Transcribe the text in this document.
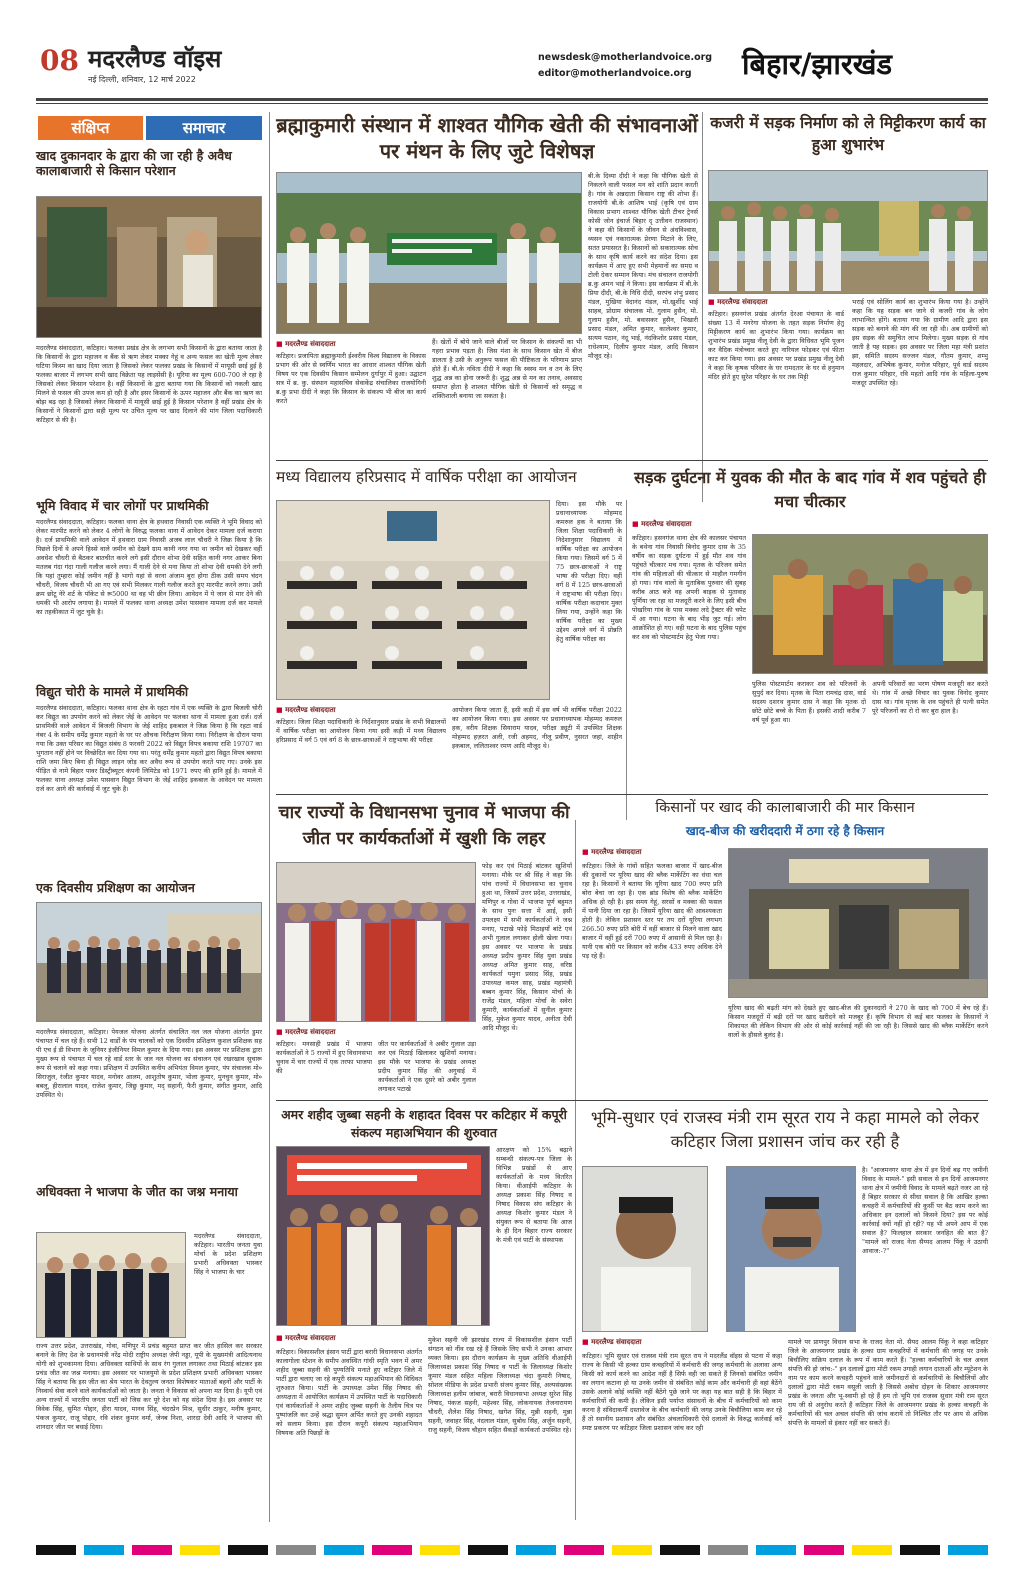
08 मदरलैण्ड वॉइस
नई दिल्ली, शनिवार, 12 मार्च 2022
newsdesk@motherlandvoice.org
editor@motherlandvoice.org बिहार/झारखंड
संक्षिप्त	समाचार
खाद दुकानदार के द्वारा की जा रही है अवैध कालाबाजारी से किसान परेशान
मदरलैण्ड संवाददाता, कटिहार। फलका प्रखंड क्षेत्र के लगभग सभी किसानों के द्वारा बताया जाता है कि किसानों के द्वारा महाजन व बैंक से ऋण लेकर मक्का गेहूं व अन्य फसल का खेती मूल्य लेकर घटिया किस्म का खाद दिया जाता है जिसको लेकर फलका प्रखंड के किसानों में मायूसी छाई हुई है फलका बाजार में लगभग सभी खाद विक्रेता यह लाइसेंसी है। यूरिया का मूल्य 600-700 ले रहा है जिसको लेकर किसान परेशान है। वहीं किसानों के द्वारा बताया गया कि किसानों को नकली खाद मिलने से फसल की उपज कम हो रही है और इसर किसानों के ऊपर महाजन और बैंक का ऋण का बोझ बढ़ रहा है जिसको लेकर किसानों में मायूसी छाई हुई है किसान परेशान है वहीं प्रखंड क्षेत्र के किसानों ने किसानों द्वारा सही मूल्य पर उचित मूल्य पर खाद दिलाने की मांग जिला पदाधिकारी कटिहार से की है।
भूमि विवाद में चार लोगों पर प्राथमिकी
मदरलैण्ड संवाददाता, कटिहार। फलका थाना क्षेत्र के हथवारा निवासी एक व्यक्ति ने भूमि विवाद को लेकर मारपीट करने को लेकर 4 लोगों के विरुद्ध फलका थाना में आवेदन देकर मामला दर्ज कराया है। दर्ज प्राथमिकी वाले आवेदन में हथवारा ग्राम निवासी अजब लाल चौधरी ने जिक्र किया है कि पिछले दिनों वे अपने हिस्से वाले जमीन को देखने ग्राम कानी नगर गया था जमीन को देखकर वहीं अवधेश चौधरी से बैठकर बातचीत करने लगे इसी दौरान शोभा देवी सहित कानी नगर आकर बिना मतलब गंदा गंदा गाली गलौज करने लगा। मैं गाली देने से मना किया तो शोभा देवी धमकी देने लगी कि यहां तुम्हारा कोई जमीन नहीं है भागो यहां से वरना अंजाम बुरा होगा ठीक उसी समय चंदन चौधरी, विजय चौधरी भी आ गए एवं सभी मिलकर गाली गलौज करते हुए मारपीट करने लगा। उसी क्रम छोटू नेरे शर्ट के पॉकेट से रू5000 था वह भी छीन लिया। आवेदन में ये जान से मार देने की धमकी भी आरोप लगाया है। मामले में फलका थाना अध्यक्ष उमेश पासवान मामला दर्ज कर मामले का तहकीकात में जुट चुके है।
विद्युत चोरी के मामले में प्राथमिकी
मदरलैण्ड संवाददाता, कटिहार। फलका थाना क्षेत्र के रहटा गांव में एक व्यक्ति के द्वारा बिजली चोरी कर विद्युत का उपयोग करने को लेकर जेई के आवेदन पर फलका थाना में मामला हुआ दर्ज। दर्ज प्राथमिकी वाले आवेदन में बिजली विभाग के जेई शाहिद इकबाल ने जिक्र किया है कि रहटा वार्ड नंबर 4 के समीप धर्मेंद्र कुमार महतो के घर पर औचक निरीक्षण किया गया। निरीक्षण के दौरान पाया गया कि उक्त परिसर का विद्युत संबंध 8 फरवरी 2022 को विद्युत विपत्र बकाया राशि 19707 का भुगतान नहीं होने पर विच्छेदित कर दिया गया था। परंतु धर्मेंद्र कुमार महतो द्वारा विद्युत विपत्र बकाया राशि जमा किए बिना ही विद्युत लाइन जोड़ कर अवैध रूप से उपयोग करते पाए गए। उनके इस पीड़ित से नामे बिहार पावर डिस्ट्रीब्यूटर कंपनी लिमिटेड को 1971 रुपए की हानि हुई है। मामले में फलका थाना अध्यक्ष उमेश पासवान विद्युत विभाग के जेई शाहिद इकबाल के आवेदन पर मामला दर्ज कर आगे की कार्रवाई में जुट चुके है।
एक दिवसीय प्रशिक्षण का आयोजन
मदरलैण्ड संवाददाता, कटिहार। पेयजल योजना अंतर्गत संचालित नल जल योजना अंतर्गत डुमर पंचायत में चल रहे हैं। सभी 12 वार्डों के पंप चालकों को एक दिवसीय प्रशिक्षण कुशल प्रशिक्षक सह पी एच ई डी विभाग के जूनियर इंजीनियर विमल कुमार के दिया गया। इस अवसर पर प्रशिक्षक द्वारा मुख्य रूप से पंचायत में चल रहे वार्ड स्तर के जल नल योजना का संचालन एवं रखरखाव सुचारू रूप से चलाने को कहा गया। प्रशिक्षण में उपस्थित कनीय अभियंता विमल कुमार, पंप संचालक मो० सिराजुल, रंजीत कुमार यादव, मनोवर आलम, आशुतोष कुमार, भोला कुमार, मुनचुन कुमार, मो० बबलू, हीरालाल यादव, राजेश कुमार, जिछु कुमार, मद् सहानी, फैरी कुमार, संगीत कुमार, आदि उपस्थित थे।
अधिवक्ता ने भाजपा के जीत का जश्न मनाया
मदरलैण्ड संवाददाता, कटिहार। भारतीय जनता युवा मोर्चा के प्रदेश प्रशिक्षण प्रभारी अधिवक्ता भास्कर सिंह ने भाजपा के चार
राज्य उत्तर प्रदेश, उत्तराखंड, गोवा, मणिपुर में प्रचंड बहुमत प्राप्त कर जीत हासिल कर सरकार बनाने के लिए देश के प्रधानमंत्री नरेंद्र मोदी राष्ट्रीय अध्यक्ष जेपी नड्डा, यूपी के मुख्यमंत्री आदित्यनाथ योगी को शुभकामना दिया। अधिवक्ता साथियों के साथ रंग गुलाल लगाकर तथा मिठाई बांटकर इस प्रचंड जीत का जश्न मनाया। इस अवसर पर भाजयुमो के प्रदेश प्रशिक्षण प्रभारी अधिवक्ता भास्कर सिंह ने बताया कि इस जीत का श्रेय भारत के देवतुल्य जनता विशेषकर माताओं बहनों और पार्टी के निस्वार्थ सेवा करने वाले कार्यकर्ताओं को जाता है। जनता ने विकास को अपना मत दिया है। यूपी एवं अन्य राज्यों में भारतीय जनता पार्टी को जिस कर पूरे देश को यह संदेश दिया है। इस अवसर पर विवेक सिंह, सुमित पोद्दार, हीरा यादव, मानव सिंह, चंदरप्रेन मिश्र, सुधीर ठाकुर, मनीष कुमार, पंकज कुमार, राजू पोद्दार, रवि शंकर कुमार वर्मा, जेनब निशा, शारदा देवी आदि ने भाजपा की शानदार जीत पर बधाई दिया।
ब्रह्माकुमारी संस्थान में शाश्वत यौगिक खेती की संभावनाओं पर मंथन के लिए जुटे विशेषज्ञ
■ मदरलैण्ड संवाददाता
कटिहार। प्रजापिता ब्रह्माकुमारी ईश्वरीय विश्व विद्यालय के विकास प्रभाग की ओर से स्वर्णिम भारत का आधार शाश्वत यौगिक खेती विषय पर एक दिवसीय किसान सम्मेलन दुर्गापुर में हुआ। उद्घाटन सत्र में ब्र. कु. संस्थान महासचिव सेवाकेंद्र संचालिका राजयोगिनी ब्र.कु प्रभा दीदी ने कहा कि किसान के संकल्प भी बीज का कार्य करते
हैं। खेतों में बोये जाने वाले बीजों पर किसान के संकल्पों का भी गहरा प्रभाव पड़ता है। जिस मंशा के साथ किसान खेत में बीज डालता है उसी के अनुरूप फसल की पौष्टिकता के परिणाम प्राप्त होते हैं। बी.के नविता दीदी ने कहा कि स्वस्थ मन व तन के लिए शुद्ध अन्न का होना जरूरी है। शुद्ध अन्न से मन का तनाव, अवसाद समाप्त होता है शाश्वत यौगिक खेती से किसानों को समृद्ध व शक्तिशाली बनाया जा सकता है।
बी.के दिव्या दीदी ने कहा कि यौगिक खेती से निकलने वाली फसल मन को शांति प्रदान करती है। गांव के अन्नदाता किसान राष्ट्र की शोभा हैं। राजयोगी बी.के आशिष भाई (कृषि एवं ग्राम विकास प्रभाग शाश्वत यौगिक खेती टीचर ट्रेनर्स कोसी जोन इंचार्ज बिहार दृ उत्तीवन राजस्थान) ने कहा की किसानों के जीवन से अंधविश्वास, व्यसन एवं नकारात्मक प्रेरणा मिटाने के लिए, सतत प्रयासरत है। किसानों को सकारात्मक सोच के साथ कृषि कार्य करने का संदेश दिया। इस कार्यक्रम में आए हुए सभी मेहमानों का समग्र व टोली देकर सम्मान किया। मंच संचालन राजयोगी ब्र.कु अमन भाई ने किया। इस कार्यक्रम में बी.के प्रिया दीदी, बी.के निधि दीदी, सरपंच शंभु प्रसाद मंडल, मुखिया वेदानंद मंडल, मो.खुर्शीद भाई साहब, प्रोग्राम संचालक मो. गुलाम हुसैन, मो. गुलाम हुसैन, मो. बवासकर हुसैन, भिखारी प्रसाद मंडल, अमित कुमार, कालेश्वर कुमार, सत्यम पठान, नंदू भाई, नंदकिशोर प्रसाद मंडल, राधेश्याम, दिलीप कुमार मंडल, आदि किसान मौजूद रहे।
कजरी में सड़क निर्माण को ले मिट्टीकरण कार्य का हुआ शुभारंभ
■ मदरलैण्ड संवाददाता
कटिहार। हसनगंज प्रखंड अंतर्गत देरआ पंचायत के वार्ड संख्या 13 में मनरेगा योजना के तहत सड़क निर्माण हेतु मिट्टीकरण कार्य का शुभारंभ किया गया। कार्यक्रम का शुभारंभ प्रखंड प्रमुख नीलू देवी के द्वारा विधिवत भूमि पूजन कर वैदिक मंत्रोच्चार करते हुए नारियल फोड़कर एवं फीता काट कर किया गया। इस अवसर पर प्रखंड प्रमुख नीलू देवी ने कहा कि कृषक परिवार के घर रामदतार के घर से हनुमान मंदिर होते हुए सुरेश परिहार के घर तक मिट्टी
भराई एवं सोलिंग कार्य का शुभारंभ किया गया है। उन्होंने कहा कि यह सड़क बन जाने से कजरी गांव के लोग लाभान्वित होंगे। बताया गया कि ग्रामीण आदि द्वारा इस सड़क को बनाने की मांग की जा रही थी। अब ग्रामीणों को इस सड़क की समुचित लाभ मिलेगा। मुख्य सड़क से गांव जाती है यह सड़क। इस अवसर पर जिला महा मंत्री प्रशांत झा, समिति सदस्य सज्जन मंडल, गौतम कुमार, शम्भु महलदार, अभिषेक कुमार, मनोज परिहार, पूर्व वार्ड सदस्य राज कुमार परिहार, रवि महतो आदि गांव के महिला-पुरुष मजदूर उपस्थित रहे।
मध्य विद्यालय हरिप्रसाद में वार्षिक परीक्षा का आयोजन
दिया। इस मौके पर प्रधानाध्यापक मोहम्मद कमरुल हक ने बताया कि जिला शिक्षा पदाधिकारी के निदेशानुसार विद्यालय में वार्षिक परीक्षा का आयोजन किया गया। जिसमें वर्ग 5 में 75 छात्र-छात्राओं ने राष्ट्र भाषा की परीक्षा दिए। वहीं वर्ग 8 में 125 छात्र-छात्राओं ने राष्ट्रभाषा की परीक्षा दिए। वार्षिक परीक्षा कदाचार मुक्त लिया गया, उन्होंने कहा कि वार्षिक परीक्षा का मुख्य उद्देश्य अगले वर्ग में प्रोन्नति हेतु वार्षिक परीक्षा का
■ मदरलैण्ड संवाददाता
कटिहार। जिला शिक्षा पदाधिकारी के निर्देशानुसार प्रखंड के सभी विद्यालयों में वार्षिक परीक्षा का आयोजन किया गया इसी कड़ी में मध्य विद्यालय हरिप्रसाद में वर्ग 5 एवं वर्ग 8 के छात्र-छात्राओं ने राष्ट्रभाषा की परीक्षा
आयोजन किया जाता हैं, इसी कड़ी में इस वर्ष भी वार्षिक परीक्षा 2022 का आयोजन किया गया। इस अवसर पर प्रधानाध्यापक मोहम्मद कमरुल हक, वरीय शिक्षक सियाराम यादव, परीक्षा ड्यूटी में उपस्थित शिक्षक मोहम्मद हज़रत अली, रजी अहमद, नीलू प्रवीण, नुसरत जहां, शाहीन इकबाल, ललिताश्वर रमण आदि मौजूद थे।
सड़क दुर्घटना में युवक की मौत के बाद गांव में शव पहुंचते ही मचा चीत्कार
■ मदरलैण्ड संवाददाता
कटिहार। हसनगंज थाना क्षेत्र की कालसर पंचायत के बथेना गांव निवासी बिनोद कुमार दास के 35 वर्षीय का सड़क दुर्घटना में हुई मौत शव गांव पहुंचते चीत्कार मच गया। मृतक के परिजन समेत गांव की महिलाओं की चीत्कार से माहौल गमगीन हो गया। गांव वालों के मुताबिक पुरुवार की सुबह करीब आठ बजे वह अपनी बाइक से मुतावाह पूर्णिया जा रहा था मजदूरी करने के लिए इसी बीच पोखरिया गांव के पास मक्का लदे ट्रैक्टर की चपेट में आ गया। घटना के बाद भीड़ जुट गई। लोग आक्रोशित हो गए। वही घटना के बाद पुलिस पहुंच कर शव को पोस्टमार्टम हेतु भेजा गया।
पुलिस पोस्टमार्टम कराकर शव को परिजनों के सुपुर्द कर दिया। मृतक के पिता रामचंद्र दास, वार्ड सदस्य दशरथ कुमार दास ने कहा कि मृतक दो छोटे छोटे बच्चे के पिता हैं। इसकी शादी करीब 7 वर्ष पूर्व हुआ था।
अपनी परिवारों का भरण पोषण मजदूरी कर करते थे। गांव में अच्छे विचार का युवक विनोद कुमार दास था। गांव मृतक के शव पहुंचते ही पत्नी समेत पूरे परिजनों का रो रो कर बुरा हाल है।
चार राज्यों के विधानसभा चुनाव में भाजपा की जीत पर कार्यकर्ताओं में खुशी कि लहर
फोड़ कर एवं मिठाई बांटकर खुशियाँ मनाया। मौके पर श्री सिंह ने कहा कि पांच राज्यों में विधानसभा का चुनाव हुआ था, जिसमें उत्तर प्रदेश, उत्तराखंड, मणिपुर व गोवा में भाजपा पूर्ण बहुमत के साथ पुनः सत्ता में आई, इसी उपलक्ष्य में सभी कार्यकर्ताओं ने जश्न मनाए, पटाखे फोड़े मिठाइयाँ बांटे एवं अभी गुलाल लगाकर होली खेला गया। इस अवसर पर भाजपा के प्रखंड अध्यक्ष प्रदीप कुमार सिंह युवा प्रखंड अध्यक्ष अमित कुमार साह, वरिष्ठ कार्यकर्ता यमुना प्रसाद सिंह, प्रखंड उपाध्यक्ष कमल साह, प्रखंड महामंत्री बब्बन कुमार सिंह, किसान मोर्चा के राजेंद्र मंडल, महिला मोर्चा के सवेरा कुमारी, कार्यकर्ताओं में सुनील कुमार सिंह, मुकेश कुमार यादव, अनीता देवी आदि मौजूद थे।
■ मदरलैण्ड संवाददाता
कटिहार। मनसाही प्रखंड में भाजपा कार्यकर्ताओं ने 5 राज्यों में हुए विधानसभा चुनाव में चार राज्यों में एक तरफा भाजपा की
जीत पर कार्यकर्ताओं ने अबीर गुलाल उड़ा कर एवं मिठाई खिलाकर खुशियाँ मनाया। इस मौके पर भाजपा के प्रखंड अध्यक्ष प्रदीप कुमार सिंह की अगुवाई में कार्यकर्ताओं ने एक दूसरे को अबीर गुलाल लगाकर पटाखे
किसानों पर खाद की कालाबाजारी की मार किसान
खाद-बीज की खरीददारी में ठगा रहे है किसान
■ मदरलैण्ड संवाददाता
कटिहार। जिले के गांवों सहित फलका बाजार में खाद-बीज की दुकानों पर यूरिया खाद की ब्लैक मार्केटिंग का धंधा चल रहा है। किसानों ने बताया कि यूरिया खाद 700 रुपए प्रति बोरा बेचा जा रहा है। एक ब्रांड विशेष की ब्लैक मार्केटिंग अधिक हो रही है। इस समय गेहूं, सरसों व मक्का की फसल में पानी दिया जा रहा है। जिसमें यूरिया खाद की आवश्यकता होती है। लेकिन प्रशासन स्तर पर तय दरों यूरिया लगभग 266.50 रुपए प्रति बोरी में वहीं बाजार से मिलने वाला खाद बाजार में वहीं हुई दरों 700 रुपए में आसानी से मिल रहा है। यानी एक बोरी पर किसान को करीब 433 रुपए अधिक देने पड़ रहे हैं।
यूरिया खाद की बढ़ती मांग को देखते हुए खाद-बीज की दुकानदारों ने 270 के खाद को 700 में बेच रहे हैं। किसान मजदूरों में बढ़ी दरों पर खाद खरीदने को मजबूर हैं। कृषि विभाग से कई बार फलका के किसानों ने शिकायत की लेकिन विभाग की ओर से कोई कार्रवाई नहीं की जा रही है। जिससे खाद की ब्लैक मार्केटिंग करने वालों के हौसले बुलंद है।
अमर शहीद जुब्बा सहनी के शहादत दिवस पर कटिहार में कपूरी संकल्प महाअभियान की शुरुवात
आरक्षण को 15% बढ़ाने सम्बन्धी संकल्प-पत्र जिला के विभिन्न प्रखंडों से आए कार्यकर्ताओं के मध्य वितरित किया। वीआईपी कटिहार के अध्यक्ष प्रकाश सिंह निषाद व निषाद विकास संघ कटिहार के अध्यक्ष किशोर कुमार मंडल ने संयुक्त रूप से बताया कि आज के ही दिन बिहार राज्य सरकार के मंत्री एवं पार्टी के संस्थापक
■ मदरलैण्ड संवाददाता
कटिहार। विकासशील इंसान पार्टी द्वारा बरारी विधानसभा अंतर्गत कालागोला स्टेशन के समीप अवस्थित गांधी स्मृति भवन में अमर शहीद जुब्बा सहनी की पुण्यतिथि मनाते हुए कटिहार जिले में पार्टी द्वारा चलाए जा रहे कपूरी संकल्प महाअभियान की विधिवत शुरुआत किया। पार्टी के उपाध्यक्ष उमेश सिंह निषाद की अध्यक्षता में आयोजित कार्यक्रम में उपस्थित पार्टी के पदाधिकारी एवं कार्यकर्ताओं ने अमर शहीद जुब्बा सहनी के तैलीय चित्र पर पुष्पांजलि कर उन्हें श्रद्धा सुमन अर्पित करते हुए उनकी शहादत को सलाम किया। इस दौरान कपूरी संकल्प महाअभियान विषयक अति पिछड़ों के
मुकेश सहनी जी झारखंड राज्य में विकासशील इंसान पार्टी संगठन को नींव रख रहे हैं जिसके लिए सभी ने उनका आभार व्यक्त किया। इस दौरान कार्यक्रम के मुख्य अतिथि वीआईपी जिलाध्यक्ष प्रकाश सिंह निषाद व पार्टी के जिलाध्यक्ष किशोर कुमार मंडल सहित महिला जिलाध्यक्ष चंदा कुमारी निषाद, सोशल मीडिया के प्रदेश प्रभारी संजय कुमार सिंह, अल्पसंख्यक जिलाध्यक्ष हलीम जांबाज, बरारी विधानसभा अध्यक्ष सुरेश सिंह निषाद, पंकज सहनी, महेश्वर सिंह, लोकनायक तेजनारायण चौधरी, शैलेश सिंह निषाद, खगेश सिंह, मुन्नी सहनी, मुन्ना सहनी, जवाहर सिंह, नंदलाल मंडल, सुबोध सिंह, अर्जुन सहनी, राजु सहनी, विजय चौहान सहित सैकड़ों कार्यकर्ता उपस्थित रहे।
भूमि-सुधार एवं राजस्व मंत्री राम सूरत राय ने कहा मामले को लेकर कटिहार जिला प्रशासन जांच कर रही है
है। "आजमनगर थाना क्षेत्र में इन दिनों बढ़ गए जमीनी विवाद के मामले-" इसी सवाल से इन दिनों आजमनगर थाना क्षेत्र में जमीनी विवाद के मामले बढ़ते नजर आ रहे हैं बिहार सरकार से सीधा सवाल है कि आखिर हल्का कचहरी में कर्मचारियों की कुर्सी पर बैठ काम करने का अधिकार इन दलालों को किसने दिया? इस पर कोई कार्रवाई क्यों नहीं हो रही? यह भी अपने आप में एक सवाल है? फिलहाल सरकार जनहित की बात है? "मामले को राजद नेता सैय्यद आलम पिंकू ने उठायी आवाज:-?"
■ मदरलैण्ड संवाददाता
कटिहार। भूमि सुधार एवं राजस्व मंत्री राम सूरत राय ने मदरलैंड वॉइस से पटना में कहा राज्य के किसी भी हल्का ग्राम कचहरियों में कर्मचारी की जगह कर्मचारी के अलावा अन्य किसी को कार्य करने का आदेश नहीं है सिर्फ वही जा सकते हैं जिनको संबंधित जमीन का लगान कटाना हो या उनके जमीन से संबंधित कोई काम और कर्मचारी ही वहां बैठेंगे उसके अलावे कोई व्यक्ति नहीं बैठेंगे पूछे जाने पर कहा यह बात सही है कि बिहार में कर्मचारियों की कमी है। लेकिन इसी पर्याप्त संसाधनों के बीच में कर्मचारियों को काम करना है संविदाकर्मी दस्तावेज के बीच कर्मचारी की जगह उनके बिचौलिया काम कर रहे हैं तो स्थानीय प्रशासन और संबंधित अंचलाधिकारी ऐसे दलालों के विरुद्ध कार्रवाई करें स्पष्ट प्रकरण पर कटिहार जिला प्रशासन जांच कर रही
मामले पर प्राणपुर विधान सभा के राजद नेता मो. सैयद आलम पिंकू ने कहा कटिहार जिले के आजमनगर प्रखंड के हल्का ग्राम कचहरियों में कर्मचारी की जगह पर उनके बिचौलिए सक्रिय दलाल के रूप में काम करते हैं। "हल्का कर्मचारियों के चल अचल संपत्ति की हो जांच:-" इन दलालों द्वारा मोटी रकम उगाही लगान दाताओं और म्यूटेशन के नाम पर काम करने कचहरी पहुंचने वाले जमीनदारों से कर्मचारियों के बिचौलियों और दलालों द्वारा मोटी रकम वसूली जाती है जिससे अबोध दोहन के शिकार आजमनगर प्रखंड के जनता और भू-स्वामी हो रहे हैं हम तो भूमि एवं राजस्व सुधार मंत्री राम सूरत राय जी से अनुरोध करते हैं कटिहार जिले के आजमनगर प्रखंड के हल्का कचहरी के कर्मचारियों की चल अचल संपत्ति की जांच करायें तो निश्चित तौर पर आय से अधिक संपत्ति के मामलों से इंकार नहीं कर सकते हैं।
